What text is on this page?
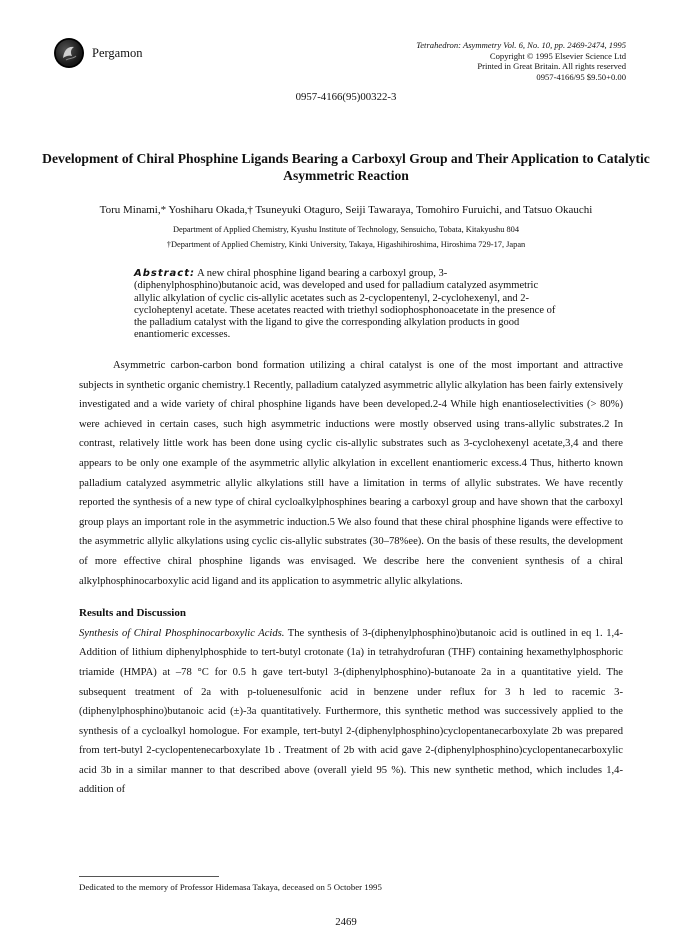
Pergamon
Tetrahedron: Asymmetry Vol. 6, No. 10, pp. 2469-2474, 1995
Copyright © 1995 Elsevier Science Ltd
Printed in Great Britain. All rights reserved
0957-4166/95 $9.50+0.00
0957-4166(95)00322-3
Development of Chiral Phosphine Ligands Bearing a Carboxyl Group and Their Application to Catalytic Asymmetric Reaction
Toru Minami,* Yoshiharu Okada,† Tsuneyuki Otaguro, Seiji Tawaraya, Tomohiro Furuichi, and Tatsuo Okauchi
Department of Applied Chemistry, Kyushu Institute of Technology, Sensuicho, Tobata, Kitakyushu 804
†Department of Applied Chemistry, Kinki University, Takaya, Higashihiroshima, Hiroshima 729-17, Japan
Abstract: A new chiral phosphine ligand bearing a carboxyl group, 3-(diphenylphosphino)butanoic acid, was developed and used for palladium catalyzed asymmetric allylic alkylation of cyclic cis-allylic acetates such as 2-cyclopentenyl, 2-cyclohexenyl, and 2-cycloheptenyl acetate. These acetates reacted with triethyl sodiophosphonoacetate in the presence of the palladium catalyst with the ligand to give the corresponding alkylation products in good enantiomeric excesses.

Asymmetric carbon-carbon bond formation utilizing a chiral catalyst is one of the most important and attractive subjects in synthetic organic chemistry.1 Recently, palladium catalyzed asymmetric allylic alkylation has been fairly extensively investigated and a wide variety of chiral phosphine ligands have been developed.2-4 While high enantioselectivities (> 80%) were achieved in certain cases, such high asymmetric inductions were mostly observed using trans-allylic substrates.2 In contrast, relatively little work has been done using cyclic cis-allylic substrates such as 3-cyclohexenyl acetate,3,4 and there appears to be only one example of the asymmetric allylic alkylation in excellent enantiomeric excess.4 Thus, hitherto known palladium catalyzed asymmetric allylic alkylations still have a limitation in terms of allylic substrates. We have recently reported the synthesis of a new type of chiral cycloalkylphosphines bearing a carboxyl group and have shown that the carboxyl group plays an important role in the asymmetric induction.5 We also found that these chiral phosphine ligands were effective to the asymmetric allylic alkylations using cyclic cis-allylic substrates (30–78%ee). On the basis of these results, the development of more effective chiral phosphine ligands was envisaged. We describe here the convenient synthesis of a chiral alkylphosphinocarboxylic acid ligand and its application to asymmetric allylic alkylations.

Results and Discussion

Synthesis of Chiral Phosphinocarboxylic Acids. The synthesis of 3-(diphenylphosphino)butanoic acid is outlined in eq 1. 1,4-Addition of lithium diphenylphosphide to tert-butyl crotonate (1a) in tetrahydrofuran (THF) containing hexamethylphosphoric triamide (HMPA) at –78 °C for 0.5 h gave tert-butyl 3-(diphenylphosphino)-butanoate 2a in a quantitative yield. The subsequent treatment of 2a with p-toluenesulfonic acid in benzene under reflux for 3 h led to racemic 3-(diphenylphosphino)butanoic acid (±)-3a quantitatively. Furthermore, this synthetic method was successively applied to the synthesis of a cycloalkyl homologue. For example, tert-butyl 2-(diphenylphosphino)cyclopentanecarboxylate 2b was prepared from tert-butyl 2-cyclopentenecarboxylate 1b . Treatment of 2b with acid gave 2-(diphenylphosphino)cyclopentanecarboxylic acid 3b in a similar manner to that described above (overall yield 95 %). This new synthetic method, which includes 1,4-addition of

Dedicated to the memory of Professor Hidemasa Takaya, deceased on 5 October 1995
2469
